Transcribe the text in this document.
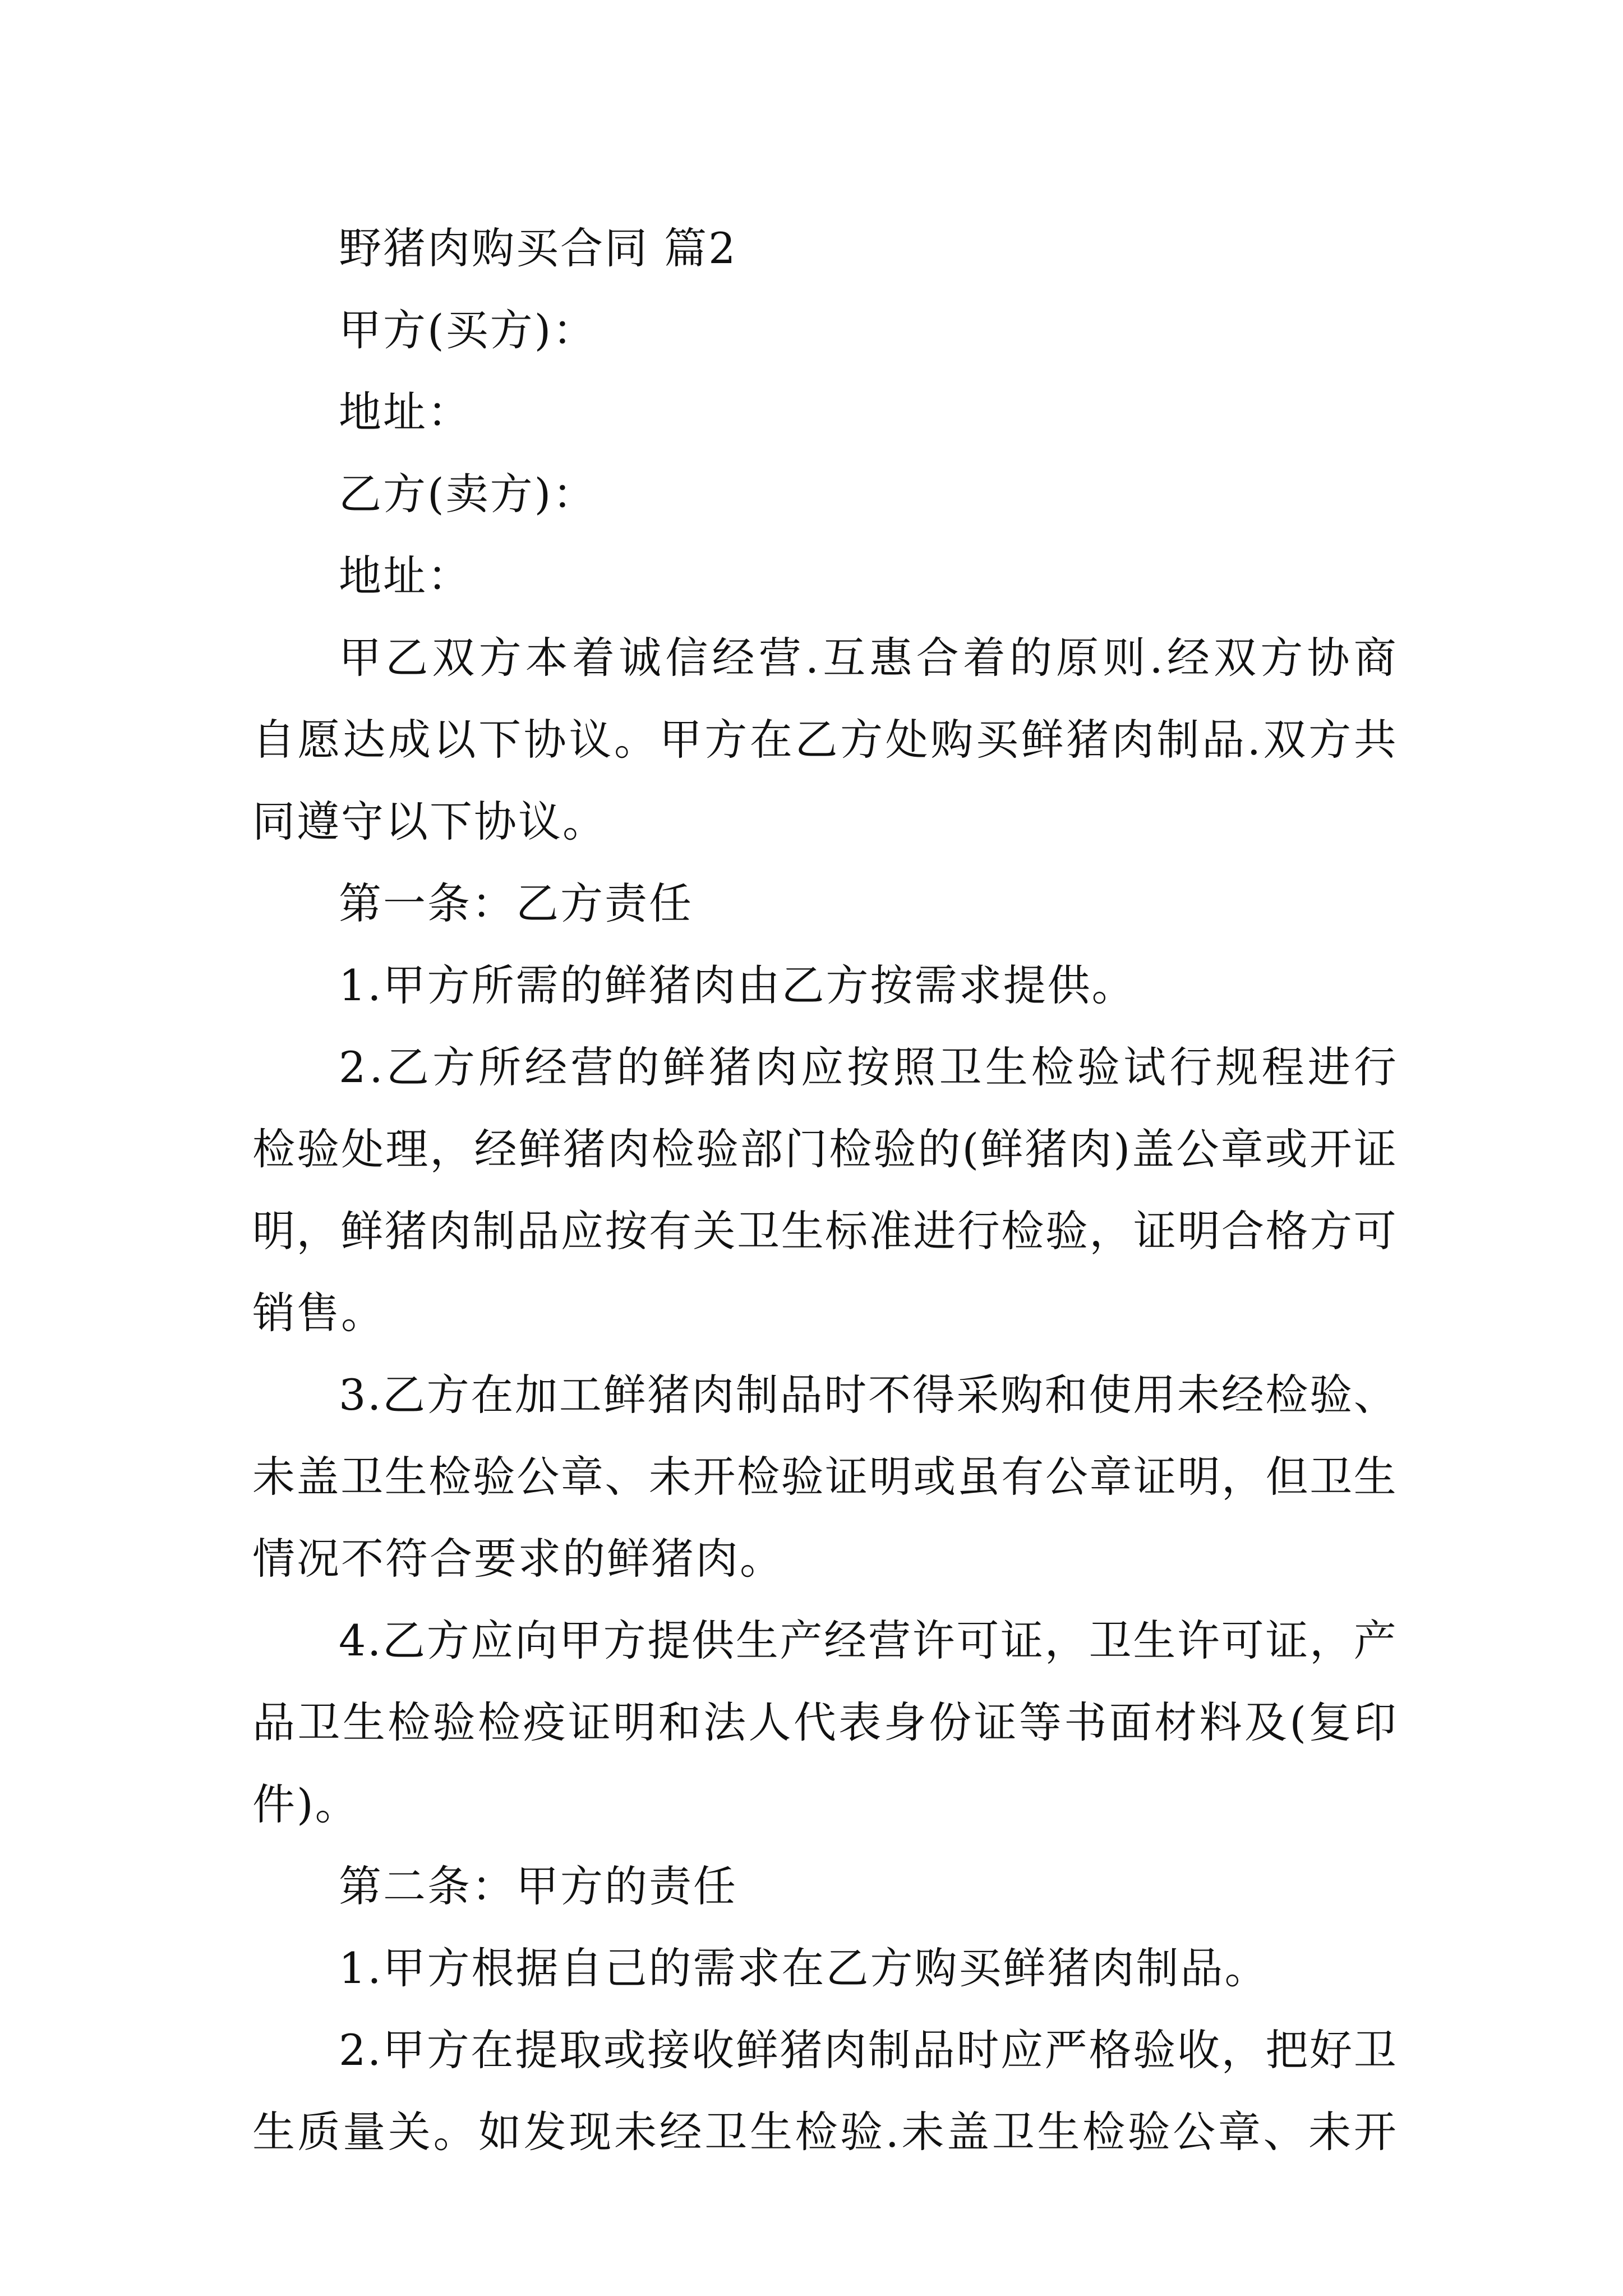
野猪肉购买合同 篇2
甲方(买方)：
地址：
乙方(卖方)：
地址：
甲 乙 双 方 本 着 诚 信 经 营 . 互 惠 合 着 的 原 则 . 经 双 方 协 商
自 愿 达 成 以 下 协 议 。 甲 方 在 乙 方 处 购 买 鲜 猪 肉 制 品 . 双 方 共
同遵守以下协议。
第一条：乙方责任
1.甲方所需的鲜猪肉由乙方按需求提供。
2 . 乙 方 所 经 营 的 鲜 猪 肉 应 按 照 卫 生 检 验 试 行 规 程 进 行
检 验 处 理 ， 经 鲜 猪 肉 检 验 部 门 检 验 的 ( 鲜 猪 肉 ) 盖 公 章 或 开 证
明 ， 鲜 猪 肉 制 品 应 按 有 关 卫 生 标 准 进 行 检 验 ， 证 明 合 格 方 可
销售。
3 . 乙 方 在 加 工 鲜 猪 肉 制 品 时 不 得 采 购 和 使 用 未 经 检 验 、
未 盖 卫 生 检 验 公 章 、 未 开 检 验 证 明 或 虽 有 公 章 证 明 ， 但 卫 生
情况不符合要求的鲜猪肉。
4 . 乙 方 应 向 甲 方 提 供 生 产 经 营 许 可 证 ， 卫 生 许 可 证 ， 产
品 卫 生 检 验 检 疫 证 明 和 法 人 代 表 身 份 证 等 书 面 材 料 及 ( 复 印
件)。
第二条：甲方的责任
1.甲方根据自己的需求在乙方购买鲜猪肉制品。
2 . 甲 方 在 提 取 或 接 收 鲜 猪 肉 制 品 时 应 严 格 验 收 ， 把 好 卫
生 质 量 关 。 如 发 现 未 经 卫 生 检 验 . 未 盖 卫 生 检 验 公 章 、 未 开
